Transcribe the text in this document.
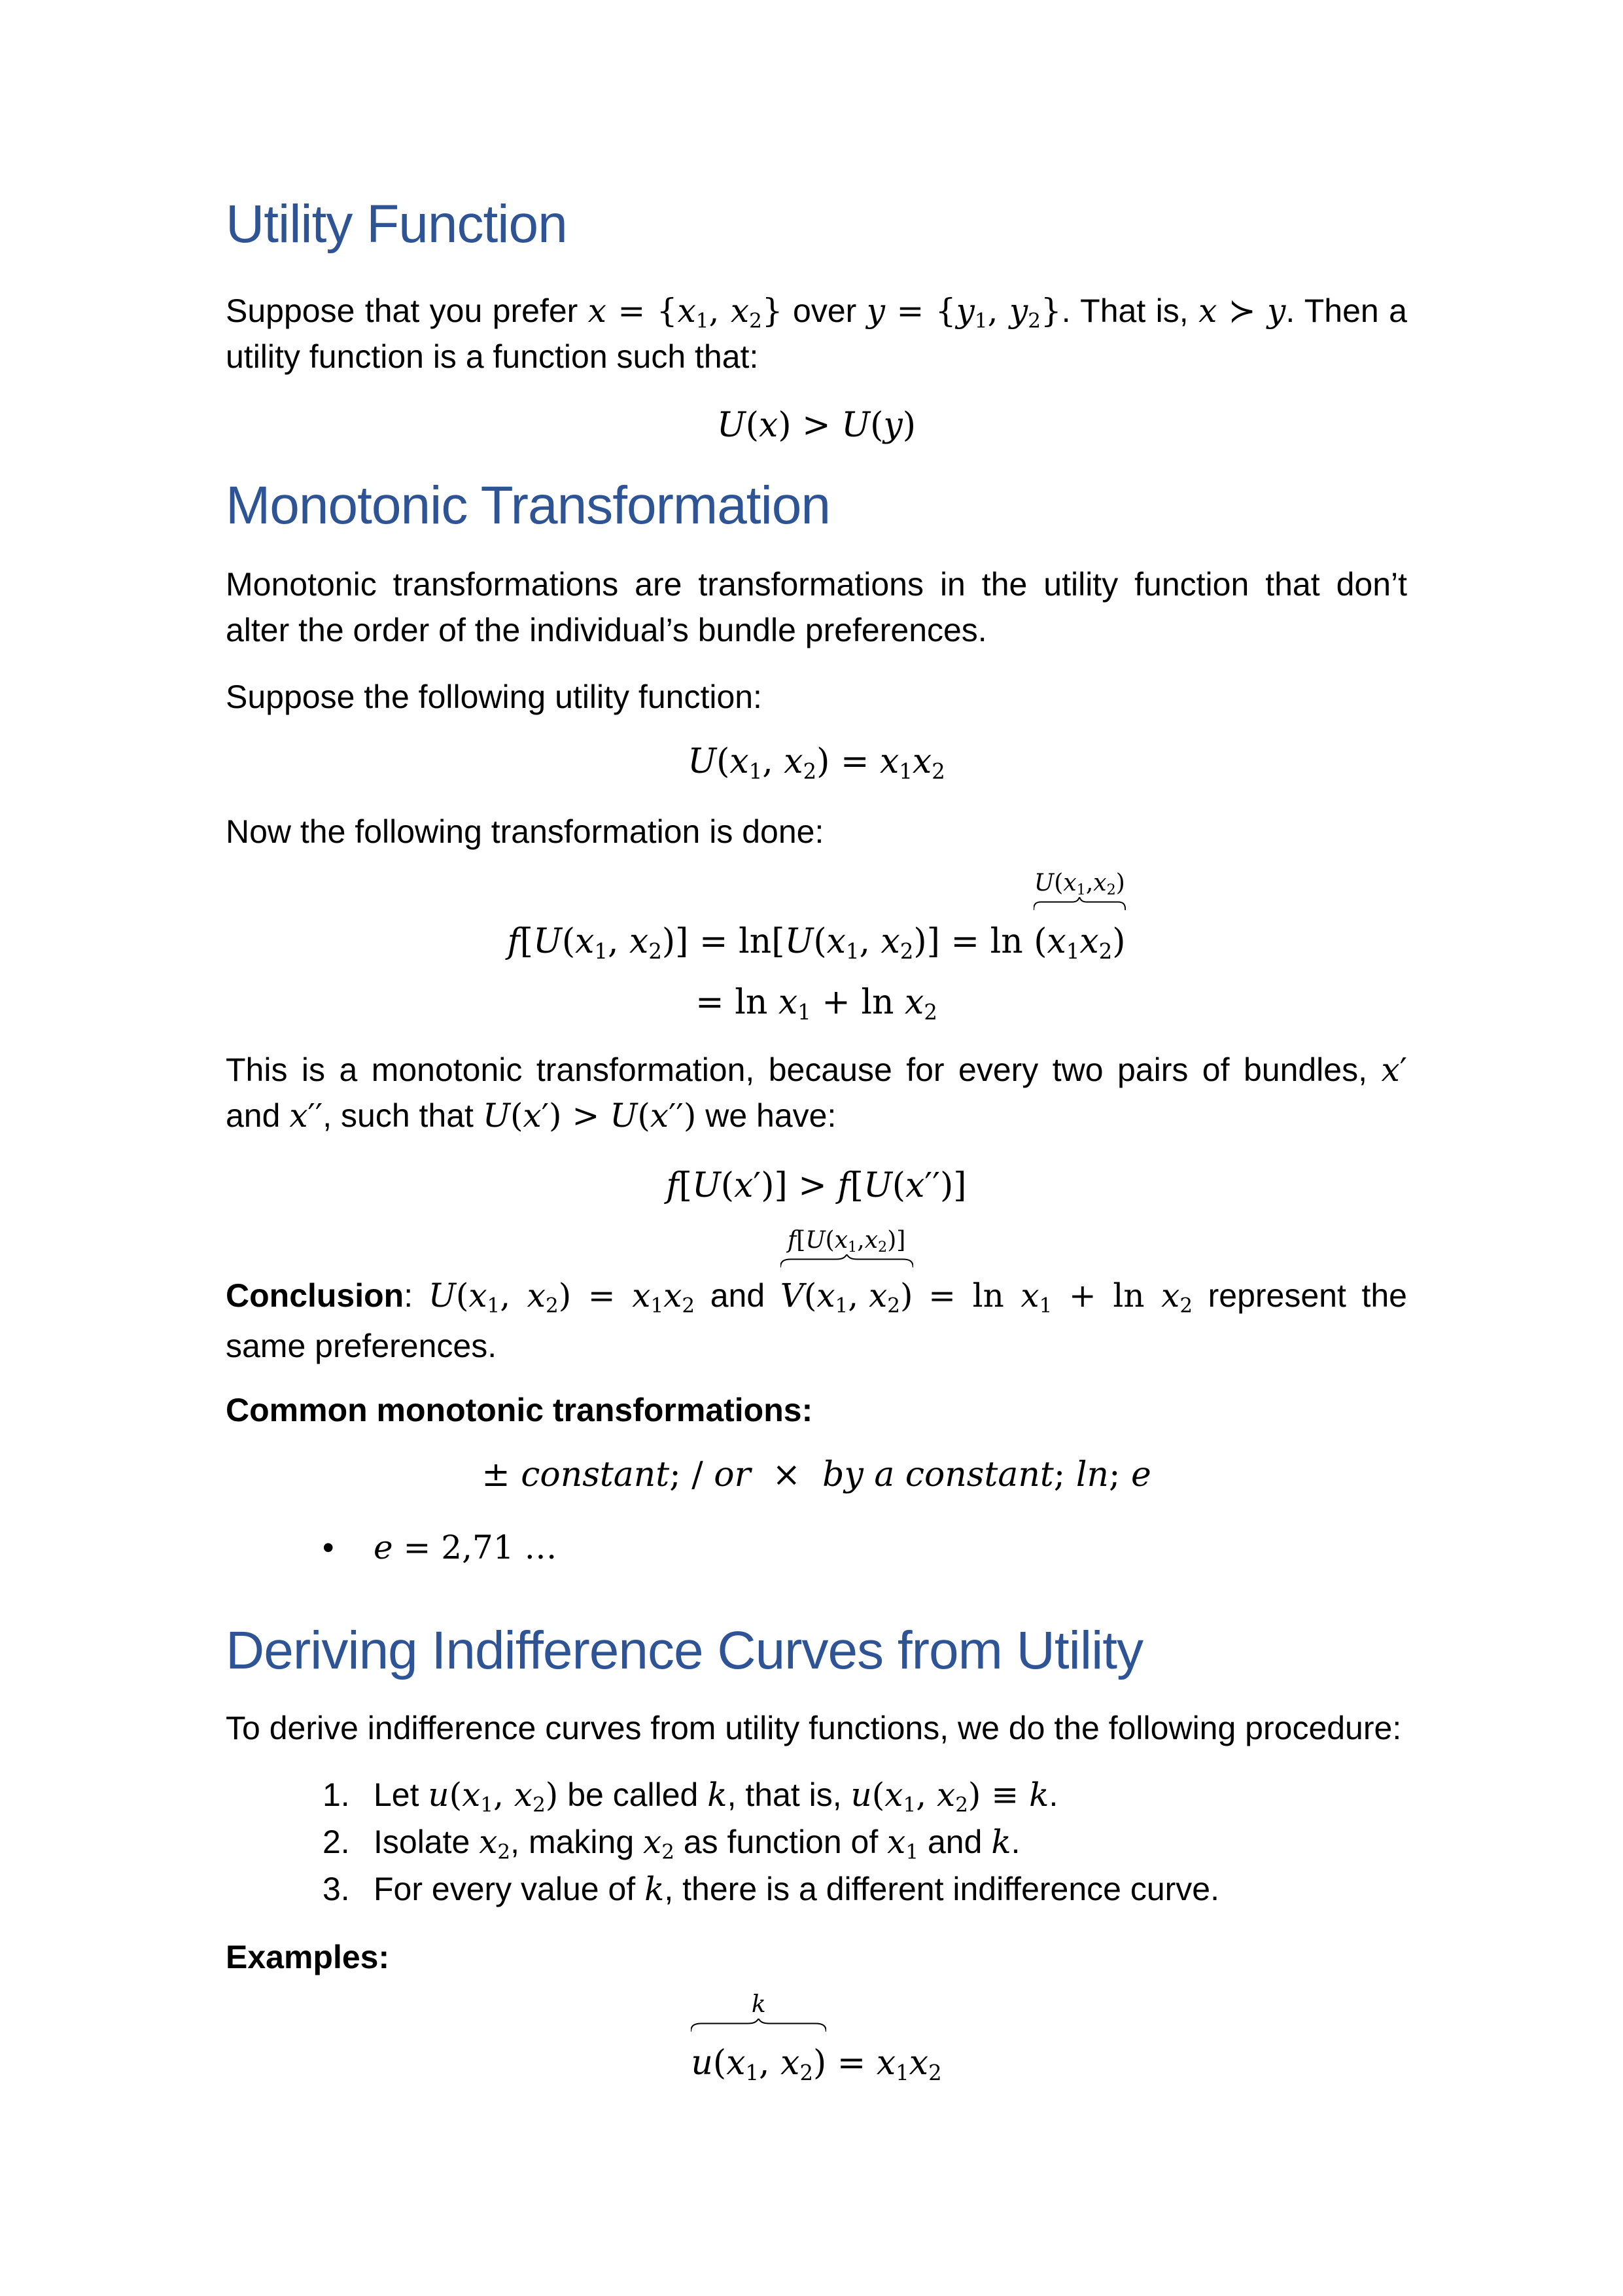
Utility Function

Suppose that you prefer $x = \{x_1$, $x_2$} over $y = \{y_1$, $y_2$}. That is, x ≻ y. Then a utility function is a function such that:

U(x) > U(y)

Monotonic Transformation

Monotonic transformations are transformations in the utility function that don’t alter the order of the individual’s bundle preferences.

Suppose the following utility function:

$U(x_1$, $x_2) = x_1x_2$

Now the following transformation is done:

$f[U(x_1$, $x_2)] = \ln[U(x_1$, $x_2)] = \ln$
$U(x_1,x_2)$
$(x_1x_2)$

= $\ln x_1 + \ln x_2$

This is a monotonic transformation, because for every two pairs of bundles, x′ and x′′, such that U(x′) > U(x′′) we have:

f[U(x′)] > f[U(x′′)]

Conclusion: $U(x_1$, $x_2) = x_1x_2$ and
$f[U(x_1,x_2)]$
$V(x_1$, $x_2) = \ln x_1 + \ln x_2$ represent the same preferences.

Common monotonic transformations:

± constant; / or  ×  by a constant; ln; e

•	e = 2,71 …
Deriving Indifference Curves from Utility

To derive indifference curves from utility functions, we do the following procedure:

1. Let $u(x_1$, $x_2$) be called k, that is, $u(x_1$, $x_2) \equiv k$.
2. Isolate $x_2$, making $x_2$ as function of $x_1$ and k.
3. For every value of k, there is a different indifference curve.

Examples:

k
$u(x_1$, $x_2) = x_1x_2$
